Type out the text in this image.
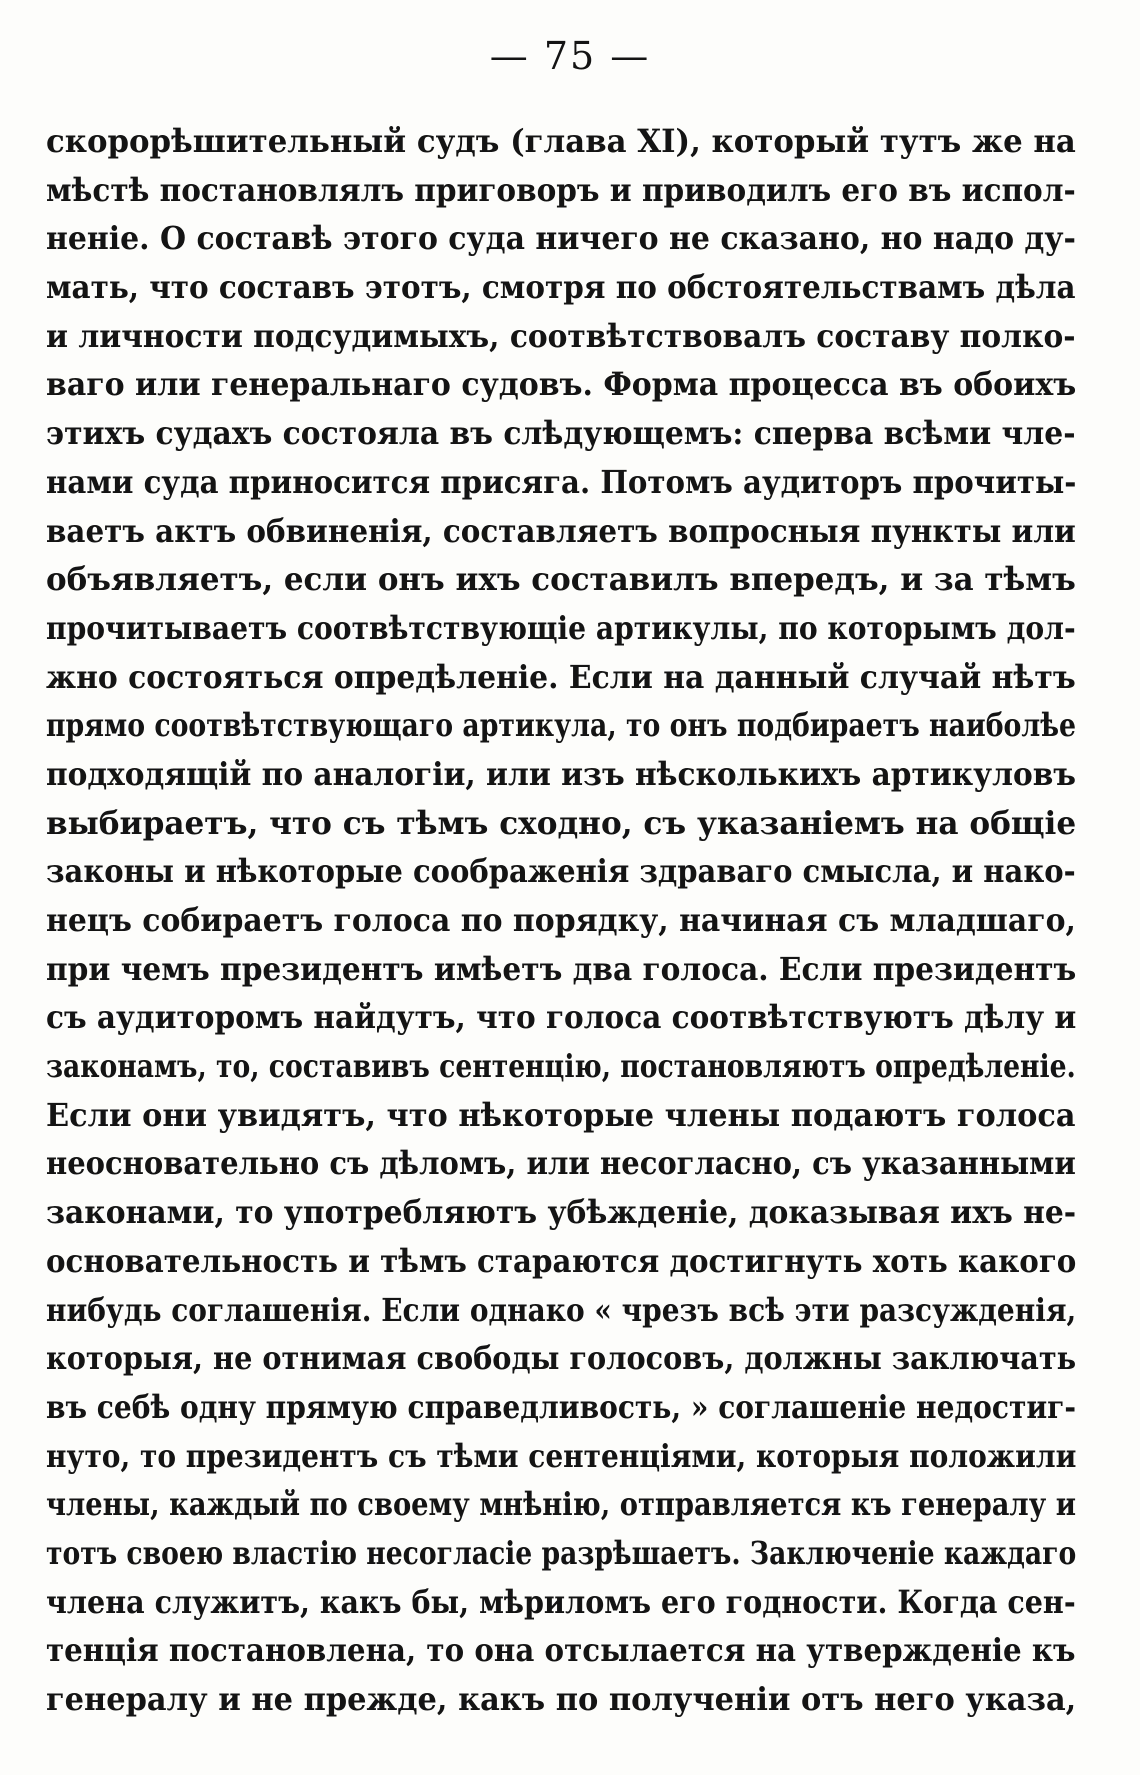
— 75 —
скорорѣшительный судъ (глава XI), который тутъ же на
мѣстѣ постановлялъ приговоръ и приводилъ его въ испол-
неніе. О составѣ этого суда ничего не сказано, но надо ду-
мать, что составъ этотъ, смотря по обстоятельствамъ дѣла
и личности подсудимыхъ, соотвѣтствовалъ составу полко-
ваго или генеральнаго судовъ. Форма процесса въ обоихъ
этихъ судахъ состояла въ слѣдующемъ: сперва всѣми чле-
нами суда приносится присяга. Потомъ аудиторъ прочиты-
ваетъ актъ обвиненія, составляетъ вопросныя пункты или
объявляетъ, если онъ ихъ составилъ впередъ, и за тѣмъ
прочитываетъ соотвѣтствующіе артикулы, по которымъ дол-
жно состояться опредѣленіе. Если на данный случай нѣтъ
прямо соотвѣтствующаго артикула, то онъ подбираетъ наиболѣе
подходящій по аналогіи, или изъ нѣсколькихъ артикуловъ
выбираетъ, что съ тѣмъ сходно, съ указаніемъ на общіе
законы и нѣкоторые соображенія здраваго смысла, и нако-
нецъ собираетъ голоса по порядку, начиная съ младшаго,
при чемъ президентъ имѣетъ два голоса. Если президентъ
съ аудиторомъ найдутъ, что голоса соотвѣтствуютъ дѣлу и
законамъ, то, составивъ сентенцію, постановляютъ опредѣленіе.
Если они увидятъ, что нѣкоторые члены подаютъ голоса
неосновательно съ дѣломъ, или несогласно, съ указанными
законами, то употребляютъ убѣжденіе, доказывая ихъ не-
основательность и тѣмъ стараются достигнуть хоть какого
нибудь соглашенія. Если однако « чрезъ всѣ эти разсужденія,
которыя, не отнимая свободы голосовъ, должны заключать
въ себѣ одну прямую справедливость, » соглашеніе недостиг-
нуто, то президентъ съ тѣми сентенціями, которыя положили
члены, каждый по своему мнѣнію, отправляется къ генералу и
тотъ своею властію несогласіе разрѣшаетъ. Заключеніе каждаго
члена служитъ, какъ бы, мѣриломъ его годности. Когда сен-
тенція постановлена, то она отсылается на утвержденіе къ
генералу и не прежде, какъ по полученіи отъ него указа,
